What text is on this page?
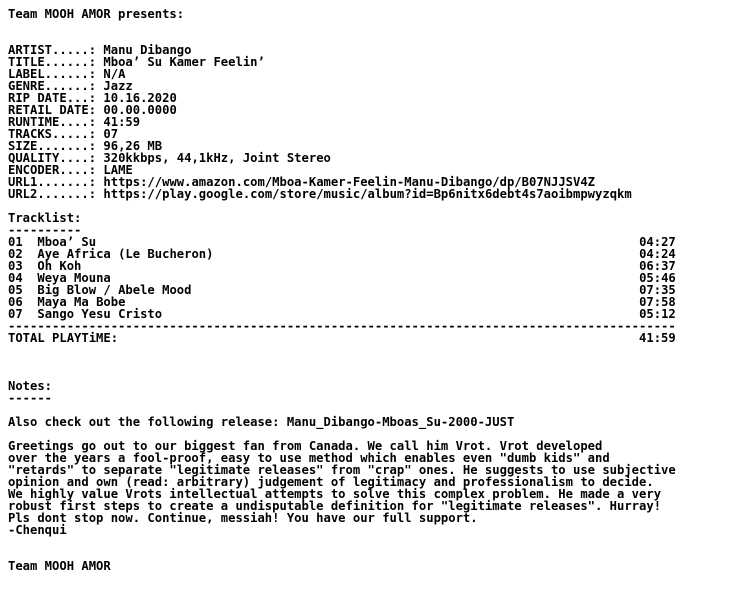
Team MOOH AMOR presents:
ARTIST.....: Manu Dibango
TITLE......: Mboa’ Su Kamer Feelin’
LABEL......: N/A
GENRE......: Jazz
RIP DATE...: 10.16.2020
RETAIL DATE: 00.00.0000
RUNTIME....: 41:59
TRACKS.....: 07
SIZE.......: 96,26 MB
QUALITY....: 320kkbps, 44,1kHz, Joint Stereo
ENCODER....: LAME
URL1.......: https://www.amazon.com/Mboa-Kamer-Feelin-Manu-Dibango/dp/B07NJJSV4Z
URL2.......: https://play.google.com/store/music/album?id=Bp6nitx6debt4s7aoibmpwyzqkm
Tracklist:
----------
01 Mboa’ Su	04:27
02 Aye Africa (Le Bucheron)	04:24
03 Oh Koh	06:37
04 Weya Mouna	05:46
05 Big Blow / Abele Mood	07:35
06 Maya Ma Bobe	07:58
07 Sango Yesu Cristo	05:12
-------------------------------------------------------------------------------------------
TOTAL PLAYTiME:	41:59
Notes:
------
Also check out the following release: Manu_Dibango-Mboas_Su-2000-JUST
Greetings go out to our biggest fan from Canada. We call him Vrot. Vrot developed
over the years a fool-proof, easy to use method which enables even "dumb kids" and
"retards" to separate "legitimate releases" from "crap" ones. He suggests to use subjective
opinion and own (read: arbitrary) judgement of legitimacy and professionalism to decide.
We highly value Vrots intellectual attempts to solve this complex problem. He made a very
robust first steps to create a undisputable definition for "legitimate releases". Hurray!
Pls dont stop now. Continue, messiah! You have our full support.
-Chenqui
Team MOOH AMOR
